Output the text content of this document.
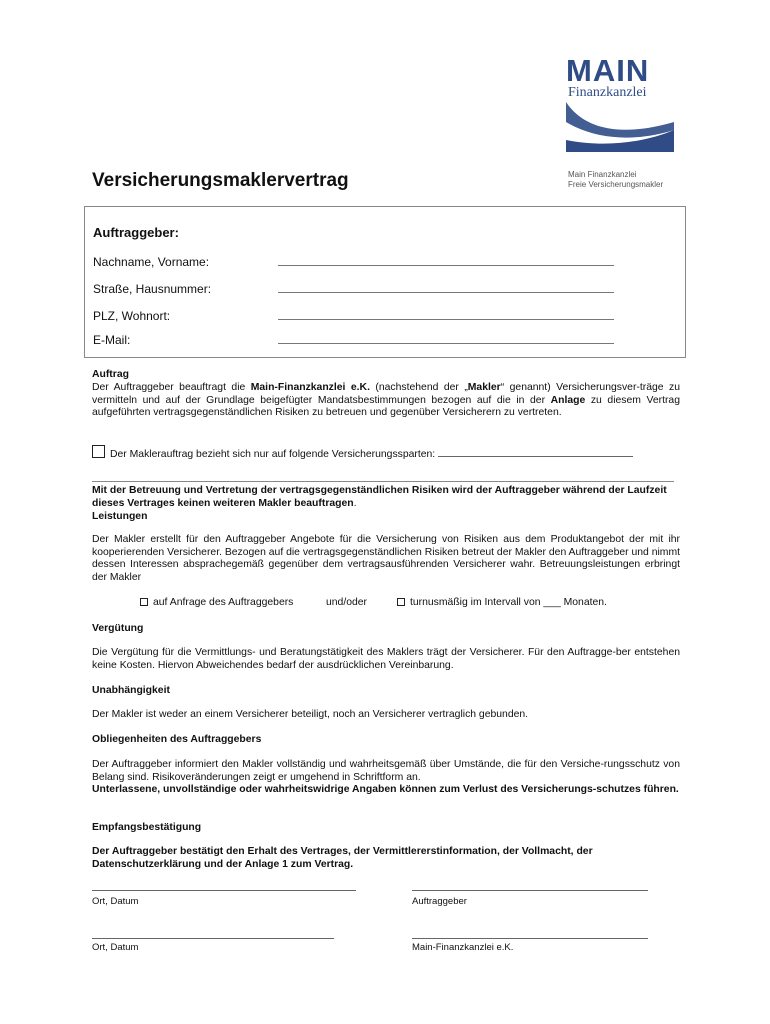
MAIN
Finanzkanzlei
Main Finanzkanzlei
Freie Versicherungsmakler
Versicherungsmaklervertrag
Auftraggeber:
Nachname, Vorname:
Straße, Hausnummer:
PLZ, Wohnort:
E-Mail:
Auftrag
Der Auftraggeber beauftragt die Main-Finanzkanzlei e.K. (nachstehend der „Makler“ genannt) Versicherungsver-träge zu vermitteln und auf der Grundlage beigefügter Mandatsbestimmungen bezogen auf die in der Anlage zu diesem Vertrag aufgeführten vertragsgegenständlichen Risiken zu betreuen und gegenüber Versicherern zu vertreten.
Der Maklerauftrag bezieht sich nur auf folgende Versicherungssparten:
Mit der Betreuung und Vertretung der vertragsgegenständlichen Risiken wird der Auftraggeber während der Laufzeit dieses Vertrages keinen weiteren Makler beauftragen.
Leistungen
Der Makler erstellt für den Auftraggeber Angebote für die Versicherung von Risiken aus dem Produktangebot der mit ihr kooperierenden Versicherer. Bezogen auf die vertragsgegenständlichen Risiken betreut der Makler den Auftraggeber und nimmt dessen Interessen absprachegemäß gegenüber dem vertragsausführenden Versicherer wahr. Betreuungsleistungen erbringt der Makler
auf Anfrage des Auftraggebers	und/oder	turnusmäßig im Intervall von ___ Monaten.
Vergütung
Die Vergütung für die Vermittlungs- und Beratungstätigkeit des Maklers trägt der Versicherer. Für den Auftragge-ber entstehen keine Kosten. Hiervon Abweichendes bedarf der ausdrücklichen Vereinbarung.
Unabhängigkeit
Der Makler ist weder an einem Versicherer beteiligt, noch an Versicherer vertraglich gebunden.
Obliegenheiten des Auftraggebers
Der Auftraggeber informiert den Makler vollständig und wahrheitsgemäß über Umstände, die für den Versiche-rungsschutz von Belang sind. Risikoveränderungen zeigt er umgehend in Schriftform an.
Unterlassene, unvollständige oder wahrheitswidrige Angaben können zum Verlust des Versicherungs-schutzes führen.
Empfangsbestätigung
Der Auftraggeber bestätigt den Erhalt des Vertrages, der Vermittlererstinformation, der Vollmacht, der Datenschutzerklärung und der Anlage 1 zum Vertrag.
Ort, Datum	Auftraggeber
Ort, Datum	Main-Finanzkanzlei e.K.
